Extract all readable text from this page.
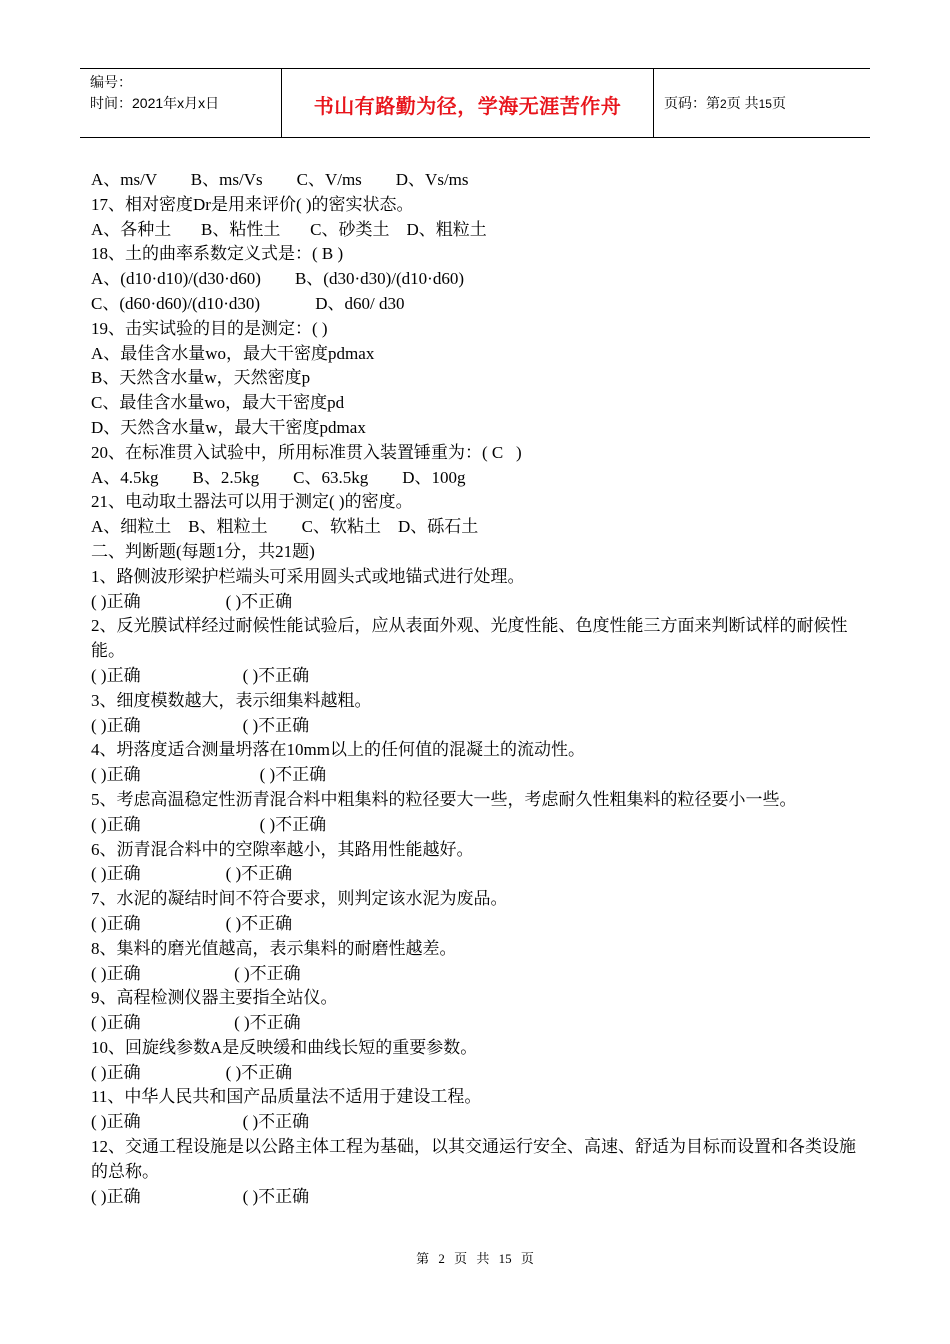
编号：
时间：2021年x月x日	书山有路勤为径，学海无涯苦作舟	页码：第2页 共15页
A、ms/V        B、ms/Vs        C、V/ms        D、Vs/ms
17、相对密度Dr是用来评价( )的密实状态。
A、各种土       B、粘性土       C、砂类土    D、粗粒土
18、土的曲率系数定义式是：( B )
A、(d10·d10)/(d30·d60)        B、(d30·d30)/(d10·d60)
C、(d60·d60)/(d10·d30)             D、d60/ d30
19、击实试验的目的是测定：( )
A、最佳含水量wo，最大干密度pdmax
B、天然含水量w，天然密度p
C、最佳含水量wo，最大干密度pd
D、天然含水量w，最大干密度pdmax
20、在标准贯入试验中，所用标准贯入装置锤重为：( C   )
A、4.5kg        B、2.5kg        C、63.5kg        D、100g
21、电动取土器法可以用于测定( )的密度。
A、细粒土    B、粗粒土        C、软粘土    D、砾石土
二、判断题(每题1分，共21题)
1、路侧波形梁护栏端头可采用圆头式或地锚式进行处理。
( )正确                    ( )不正确
2、反光膜试样经过耐候性能试验后，应从表面外观、光度性能、色度性能三方面来判断试样的耐候性能。
( )正确                        ( )不正确
3、细度模数越大，表示细集料越粗。
( )正确                        ( )不正确
4、坍落度适合测量坍落在10mm以上的任何值的混凝土的流动性。
( )正确                            ( )不正确
5、考虑高温稳定性沥青混合料中粗集料的粒径要大一些，考虑耐久性粗集料的粒径要小一些。
( )正确                            ( )不正确
6、沥青混合料中的空隙率越小，其路用性能越好。
( )正确                    ( )不正确
7、水泥的凝结时间不符合要求，则判定该水泥为废品。
( )正确                    ( )不正确
8、集料的磨光值越高，表示集料的耐磨性越差。
( )正确                      ( )不正确
9、高程检测仪器主要指全站仪。
( )正确                      ( )不正确
10、回旋线参数A是反映缓和曲线长短的重要参数。
( )正确                    ( )不正确
11、中华人民共和国产品质量法不适用于建设工程。
( )正确                        ( )不正确
12、交通工程设施是以公路主体工程为基础，以其交通运行安全、高速、舒适为目标而设置和各类设施的总称。
( )正确                        ( )不正确
第 2 页 共 15 页
